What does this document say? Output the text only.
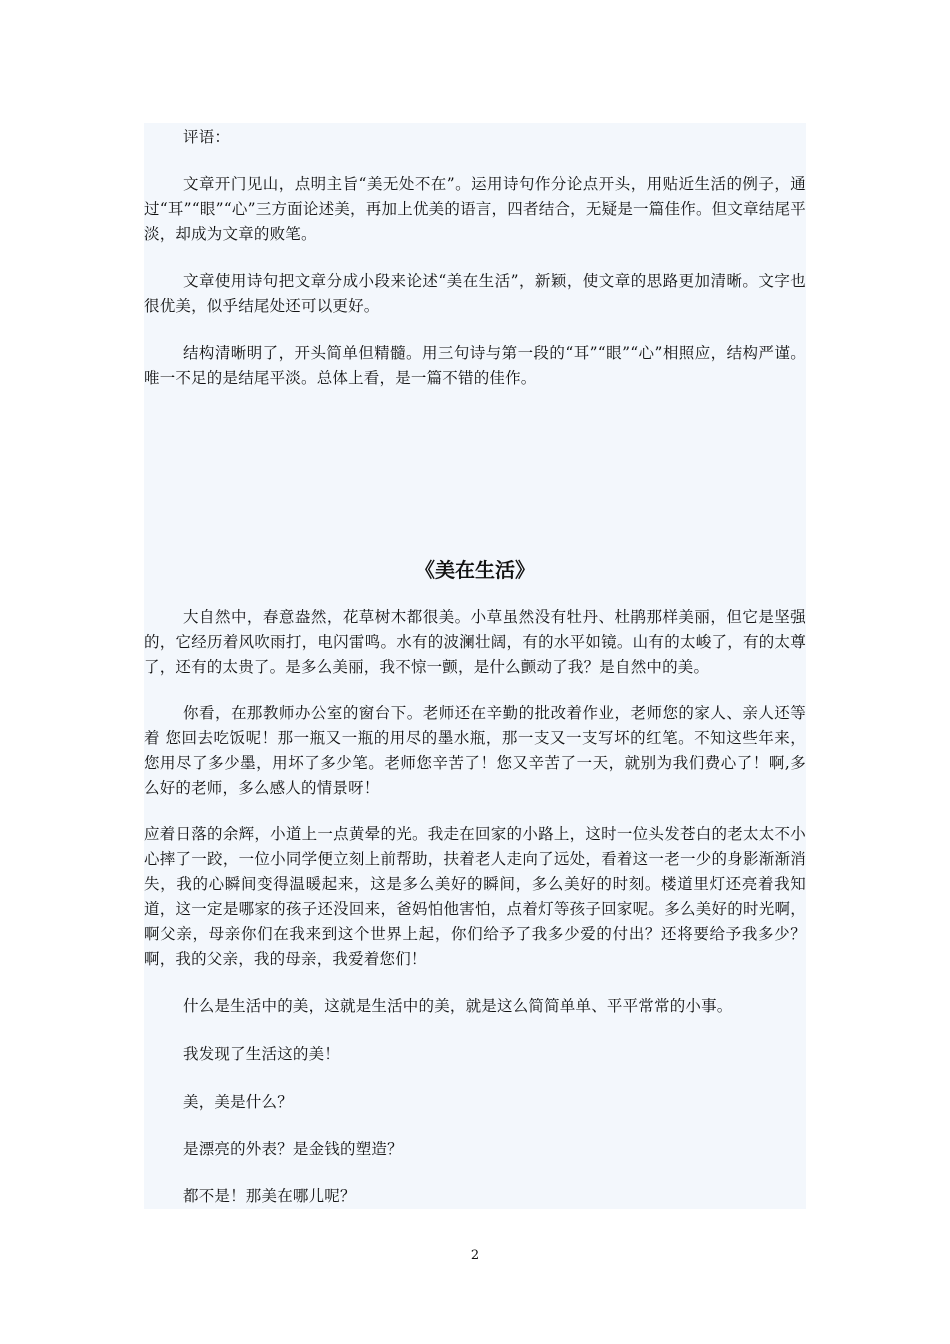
评语：

文章开门见山，点明主旨“美无处不在”。运用诗句作分论点开头，用贴近生活的例子，通过“耳”“眼”“心”三方面论述美，再加上优美的语言，四者结合，无疑是一篇佳作。但文章结尾平淡，却成为文章的败笔。

文章使用诗句把文章分成小段来论述“美在生活”，新颖，使文章的思路更加清晰。文字也很优美，似乎结尾处还可以更好。

结构清晰明了，开头简单但精髓。用三句诗与第一段的“耳”“眼”“心”相照应，结构严谨。唯一不足的是结尾平淡。总体上看，是一篇不错的佳作。

《美在生活》

大自然中，春意盎然，花草树木都很美。小草虽然没有牡丹、杜鹃那样美丽，但它是坚强的，它经历着风吹雨打，电闪雷鸣。水有的波澜壮阔，有的水平如镜。山有的太峻了，有的太尊了，还有的太贵了。是多么美丽，我不惊一颤，是什么颤动了我？是自然中的美。

你看，在那教师办公室的窗台下。老师还在辛勤的批改着作业，老师您的家人、亲人还等着 您回去吃饭呢！那一瓶又一瓶的用尽的墨水瓶，那一支又一支写坏的红笔。不知这些年来，您用尽了多少墨，用坏了多少笔。老师您辛苦了！您又辛苦了一天，就别为我们费心了！啊,多么好的老师，多么感人的情景呀！

应着日落的余辉，小道上一点黄晕的光。我走在回家的小路上，这时一位头发苍白的老太太不小心摔了一跤，一位小同学便立刻上前帮助，扶着老人走向了远处，看着这一老一少的身影渐渐消失，我的心瞬间变得温暖起来，这是多么美好的瞬间，多么美好的时刻。楼道里灯还亮着我知道，这一定是哪家的孩子还没回来，爸妈怕他害怕，点着灯等孩子回家呢。多么美好的时光啊，啊父亲，母亲你们在我来到这个世界上起，你们给予了我多少爱的付出？还将要给予我多少？啊，我的父亲，我的母亲，我爱着您们！

什么是生活中的美，这就是生活中的美，就是这么简简单单、平平常常的小事。

我发现了生活这的美！

美，美是什么？

是漂亮的外表？是金钱的塑造？

都不是！那美在哪儿呢？

2
